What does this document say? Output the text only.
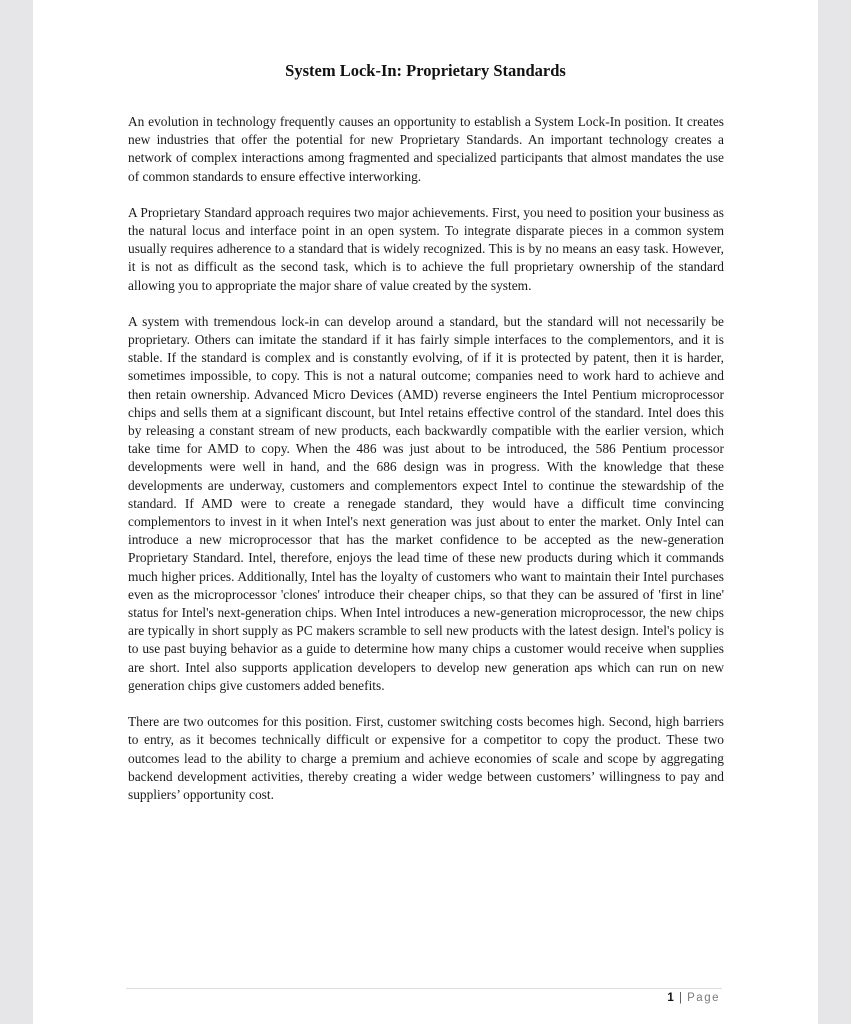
System Lock-In: Proprietary Standards

An evolution in technology frequently causes an opportunity to establish a System Lock-In position. It creates new industries that offer the potential for new Proprietary Standards. An important technology creates a network of complex interactions among fragmented and specialized participants that almost mandates the use of common standards to ensure effective interworking.

A Proprietary Standard approach requires two major achievements. First, you need to position your business as the natural locus and interface point in an open system. To integrate disparate pieces in a common system usually requires adherence to a standard that is widely recognized. This is by no means an easy task. However, it is not as difficult as the second task, which is to achieve the full proprietary ownership of the standard allowing you to appropriate the major share of value created by the system.

A system with tremendous lock-in can develop around a standard, but the standard will not necessarily be proprietary. Others can imitate the standard if it has fairly simple interfaces to the complementors, and it is stable. If the standard is complex and is constantly evolving, of if it is protected by patent, then it is harder, sometimes impossible, to copy. This is not a natural outcome; companies need to work hard to achieve and then retain ownership. Advanced Micro Devices (AMD) reverse engineers the Intel Pentium microprocessor chips and sells them at a significant discount, but Intel retains effective control of the standard. Intel does this by releasing a constant stream of new products, each backwardly compatible with the earlier version, which take time for AMD to copy. When the 486 was just about to be introduced, the 586 Pentium processor developments were well in hand, and the 686 design was in progress. With the knowledge that these developments are underway, customers and complementors expect Intel to continue the stewardship of the standard. If AMD were to create a renegade standard, they would have a difficult time convincing complementors to invest in it when Intel's next generation was just about to enter the market. Only Intel can introduce a new microprocessor that has the market confidence to be accepted as the new-generation Proprietary Standard. Intel, therefore, enjoys the lead time of these new products during which it commands much higher prices. Additionally, Intel has the loyalty of customers who want to maintain their Intel purchases even as the microprocessor 'clones' introduce their cheaper chips, so that they can be assured of 'first in line' status for Intel's next-generation chips. When Intel introduces a new-generation microprocessor, the new chips are typically in short supply as PC makers scramble to sell new products with the latest design. Intel's policy is to use past buying behavior as a guide to determine how many chips a customer would receive when supplies are short. Intel also supports application developers to develop new generation aps which can run on new generation chips give customers added benefits.

There are two outcomes for this position. First, customer switching costs becomes high. Second, high barriers to entry, as it becomes technically difficult or expensive for a competitor to copy the product. These two outcomes lead to the ability to charge a premium and achieve economies of scale and scope by aggregating backend development activities, thereby creating a wider wedge between customers’ willingness to pay and suppliers’ opportunity cost.

1 | Page
